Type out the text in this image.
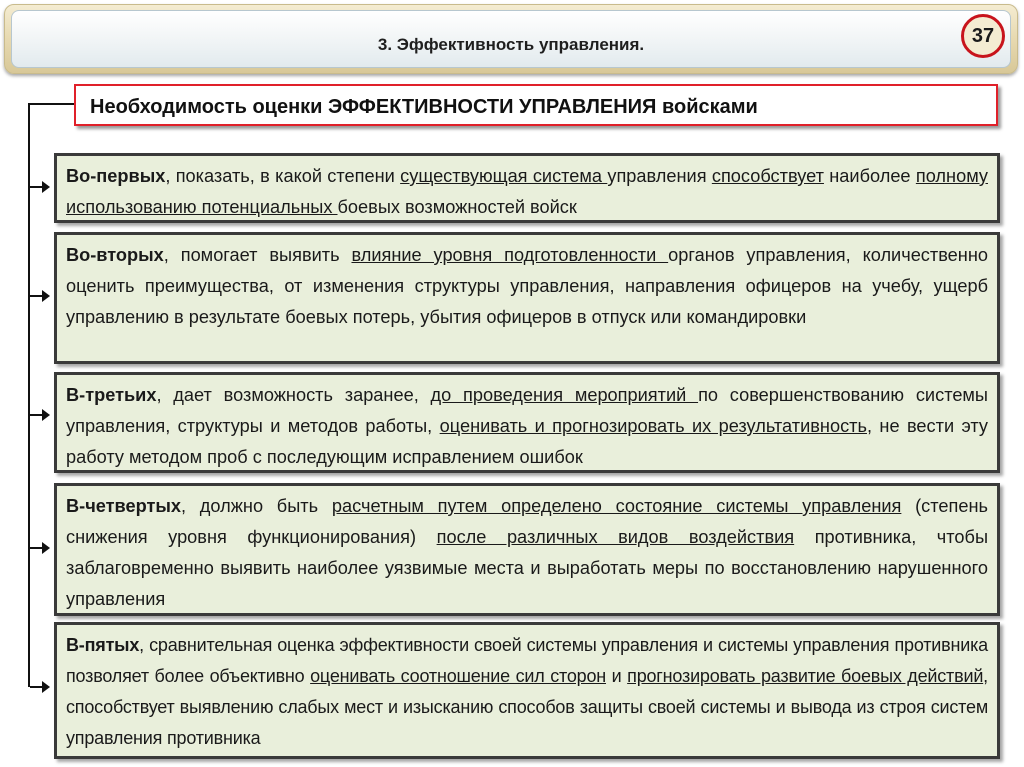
3. Эффективность управления.	37
Необходимость оценки ЭФФЕКТИВНОСТИ УПРАВЛЕНИЯ войсками
Во-первых, показать, в какой степени существующая система управления способствует наиболее полному использованию потенциальных боевых возможностей войск
Во-вторых, помогает выявить влияние уровня подготовленности органов управления, количественно оценить преимущества, от изменения структуры управления, направления офицеров на учебу, ущерб управлению в результате боевых потерь, убытия офицеров в отпуск или командировки
В-третьих, дает возможность заранее, до проведения мероприятий по совершенствованию системы управления, структуры и методов работы, оценивать и прогнозировать их результативность, не вести эту работу методом проб с последующим исправлением ошибок
В-четвертых, должно быть расчетным путем определено состояние системы управления (степень снижения уровня функционирования) после различных видов воздействия противника, чтобы заблаговременно выявить наиболее уязвимые места и выработать меры по восстановлению нарушенного управления
В-пятых, сравнительная оценка эффективности своей системы управления и системы управления противника позволяет более объективно оценивать соотношение сил сторон и прогнозировать развитие боевых действий, способствует выявлению слабых мест и изысканию способов защиты своей системы и вывода из строя систем управления противника
